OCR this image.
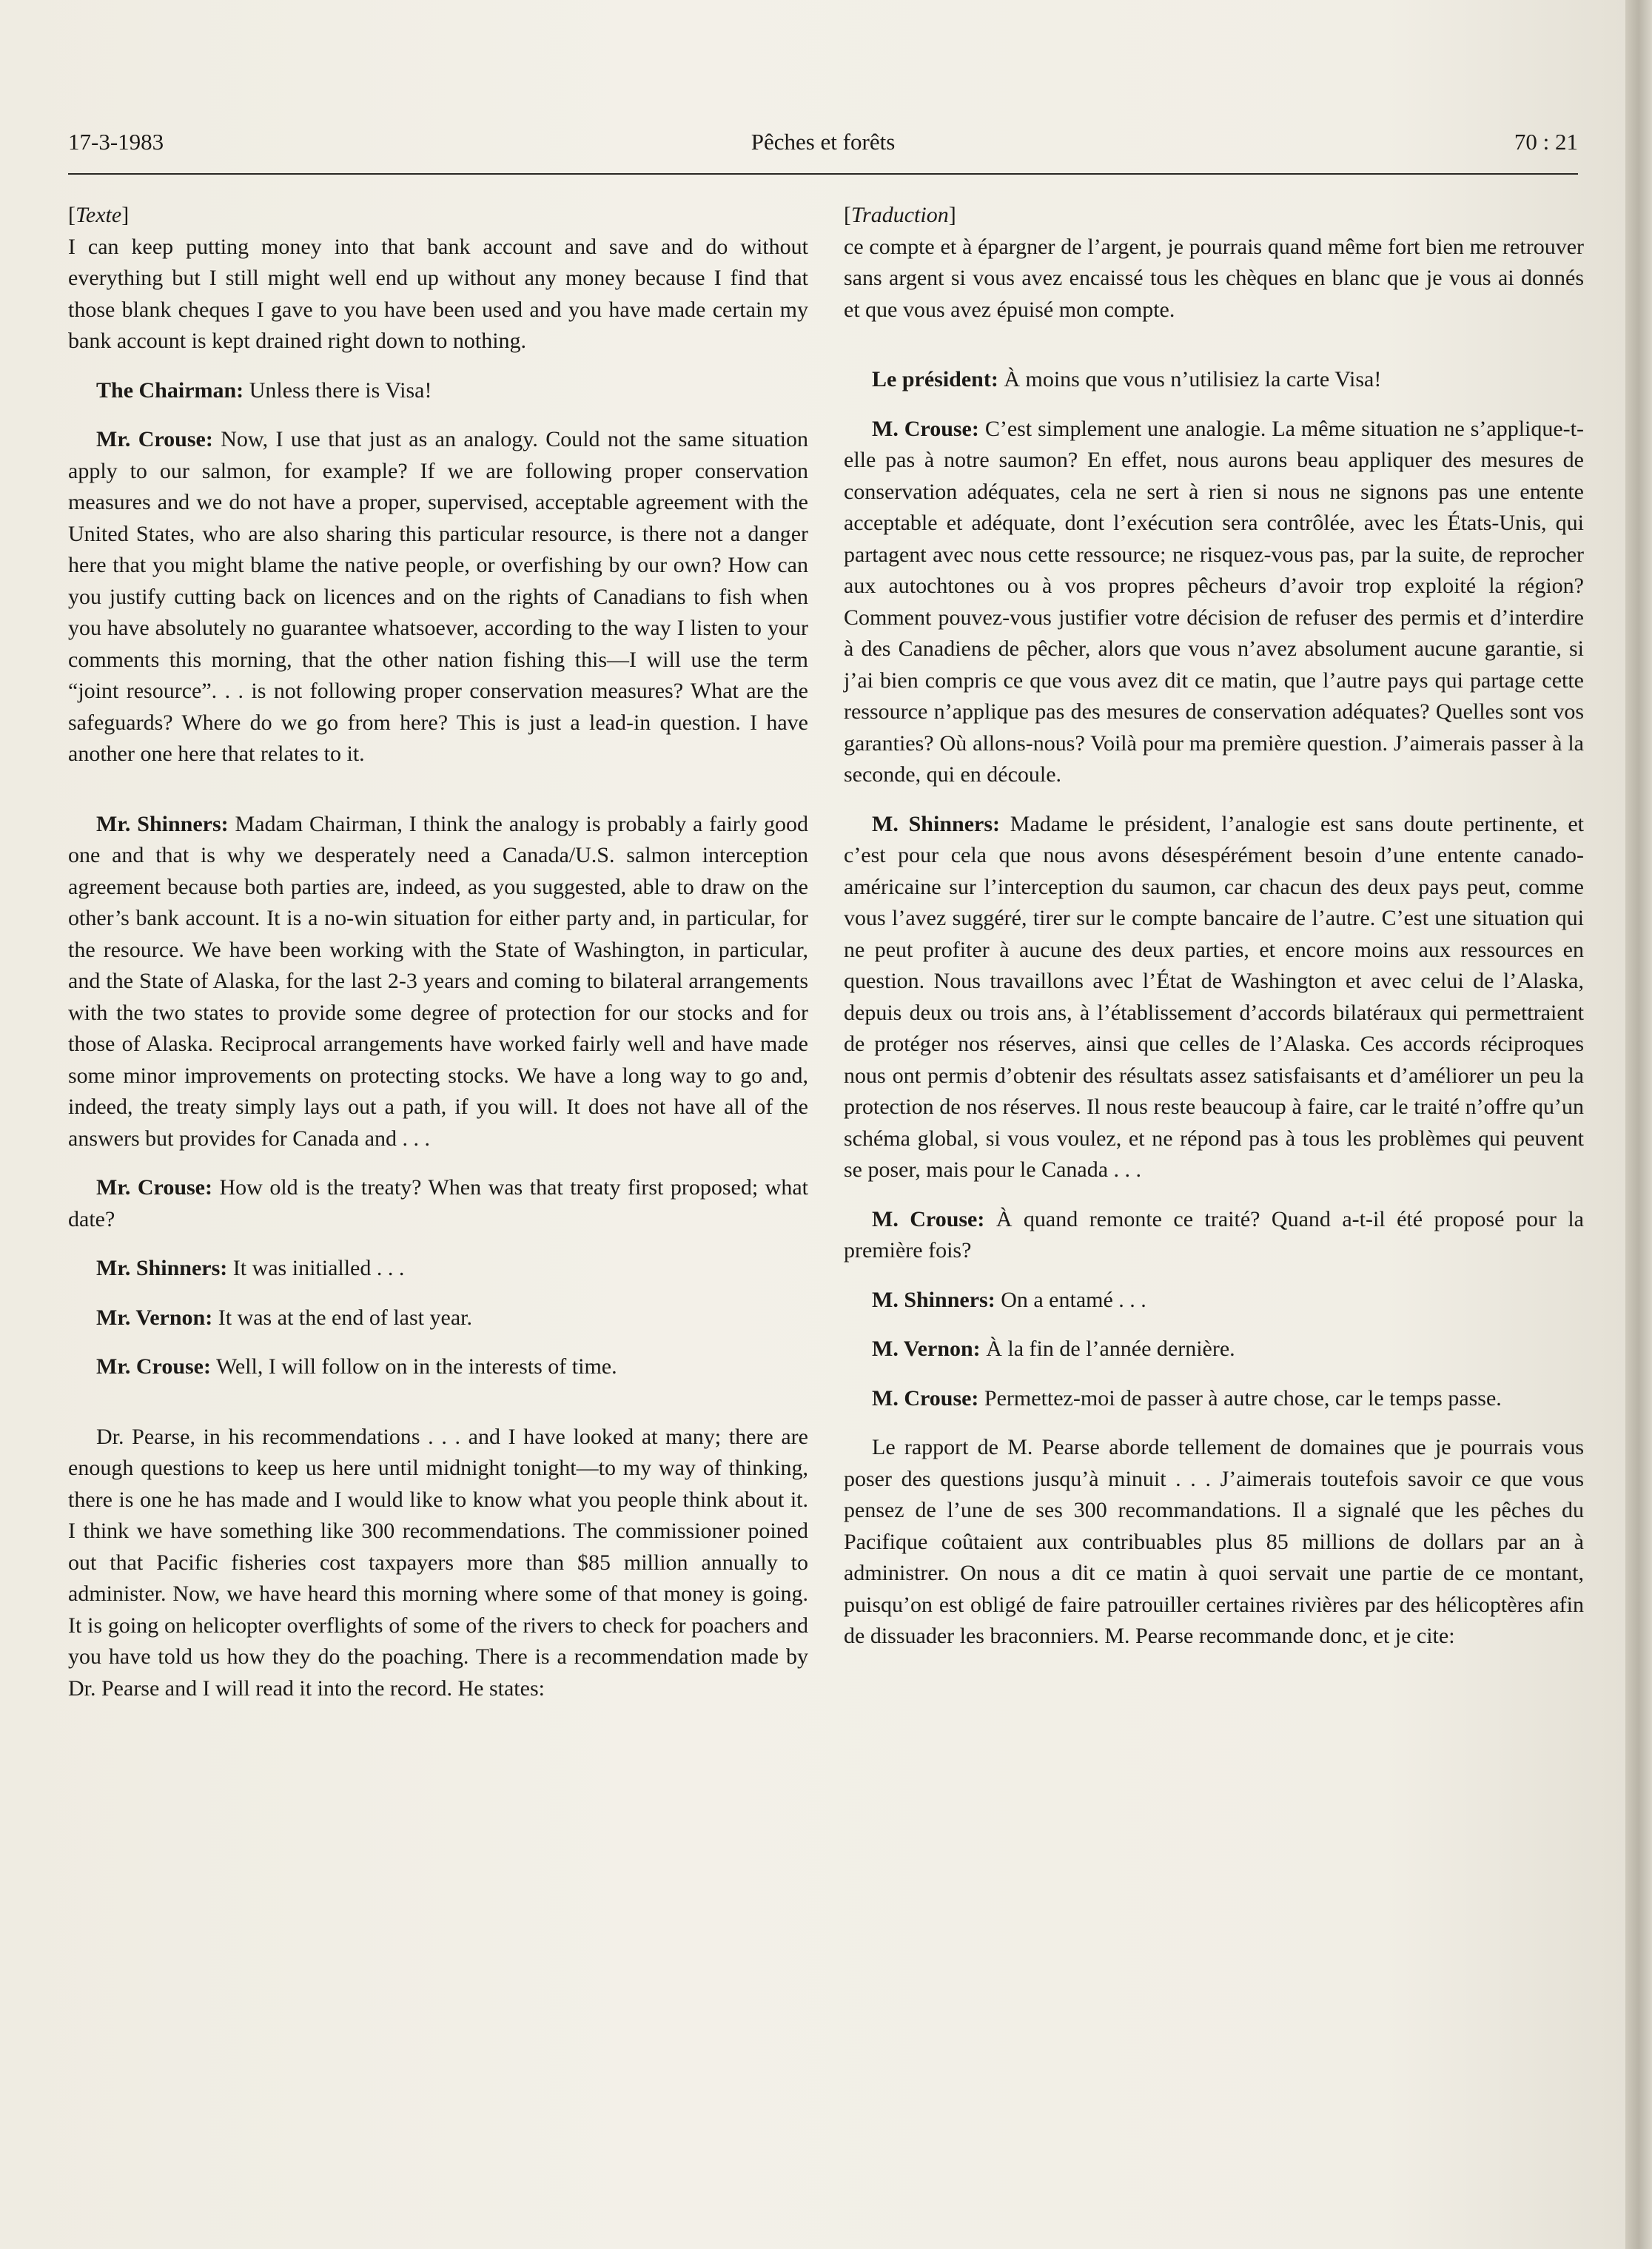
17-3-1983	Pêches et forêts	70 : 21

[Texte]

I can keep putting money into that bank account and save and do without everything but I still might well end up without any money because I find that those blank cheques I gave to you have been used and you have made certain my bank account is kept drained right down to nothing.

The Chairman: Unless there is Visa!

Mr. Crouse: Now, I use that just as an analogy. Could not the same situation apply to our salmon, for example? If we are following proper conservation measures and we do not have a proper, supervised, acceptable agreement with the United States, who are also sharing this particular resource, is there not a danger here that you might blame the native people, or overfishing by our own? How can you justify cutting back on licences and on the rights of Canadians to fish when you have absolutely no guarantee whatsoever, according to the way I listen to your comments this morning, that the other nation fishing this—I will use the term “joint resource”. . . is not following proper conservation measures? What are the safeguards? Where do we go from here? This is just a lead-in question. I have another one here that relates to it.

Mr. Shinners: Madam Chairman, I think the analogy is probably a fairly good one and that is why we desperately need a Canada/U.S. salmon interception agreement because both parties are, indeed, as you suggested, able to draw on the other’s bank account. It is a no-win situation for either party and, in particular, for the resource. We have been working with the State of Washington, in particular, and the State of Alaska, for the last 2-3 years and coming to bilateral arrangements with the two states to provide some degree of protection for our stocks and for those of Alaska. Reciprocal arrangements have worked fairly well and have made some minor improvements on protecting stocks. We have a long way to go and, indeed, the treaty simply lays out a path, if you will. It does not have all of the answers but provides for Canada and . . .

Mr. Crouse: How old is the treaty? When was that treaty first proposed; what date?

Mr. Shinners: It was initialled . . .

Mr. Vernon: It was at the end of last year.

Mr. Crouse: Well, I will follow on in the interests of time.

Dr. Pearse, in his recommendations . . . and I have looked at many; there are enough questions to keep us here until midnight tonight—to my way of thinking, there is one he has made and I would like to know what you people think about it. I think we have something like 300 recommendations. The commissioner poined out that Pacific fisheries cost taxpayers more than $85 million annually to administer. Now, we have heard this morning where some of that money is going. It is going on helicopter overflights of some of the rivers to check for poachers and you have told us how they do the poaching. There is a recommendation made by Dr. Pearse and I will read it into the record. He states:

[Traduction]

ce compte et à épargner de l’argent, je pourrais quand même fort bien me retrouver sans argent si vous avez encaissé tous les chèques en blanc que je vous ai donnés et que vous avez épuisé mon compte.

Le président: À moins que vous n’utilisiez la carte Visa!

M. Crouse: C’est simplement une analogie. La même situation ne s’applique-t-elle pas à notre saumon? En effet, nous aurons beau appliquer des mesures de conservation adéquates, cela ne sert à rien si nous ne signons pas une entente acceptable et adéquate, dont l’exécution sera contrôlée, avec les États-Unis, qui partagent avec nous cette ressource; ne risquez-vous pas, par la suite, de reprocher aux autochtones ou à vos propres pêcheurs d’avoir trop exploité la région? Comment pouvez-vous justifier votre décision de refuser des permis et d’interdire à des Canadiens de pêcher, alors que vous n’avez absolument aucune garantie, si j’ai bien compris ce que vous avez dit ce matin, que l’autre pays qui partage cette ressource n’applique pas des mesures de conservation adéquates? Quelles sont vos garanties? Où allons-nous? Voilà pour ma première question. J’aimerais passer à la seconde, qui en découle.

M. Shinners: Madame le président, l’analogie est sans doute pertinente, et c’est pour cela que nous avons désespérément besoin d’une entente canado-américaine sur l’interception du saumon, car chacun des deux pays peut, comme vous l’avez suggéré, tirer sur le compte bancaire de l’autre. C’est une situation qui ne peut profiter à aucune des deux parties, et encore moins aux ressources en question. Nous travaillons avec l’État de Washington et avec celui de l’Alaska, depuis deux ou trois ans, à l’établissement d’accords bilatéraux qui permettraient de protéger nos réserves, ainsi que celles de l’Alaska. Ces accords réciproques nous ont permis d’obtenir des résultats assez satisfaisants et d’améliorer un peu la protection de nos réserves. Il nous reste beaucoup à faire, car le traité n’offre qu’un schéma global, si vous voulez, et ne répond pas à tous les problèmes qui peuvent se poser, mais pour le Canada . . .

M. Crouse: À quand remonte ce traité? Quand a-t-il été proposé pour la première fois?

M. Shinners: On a entamé . . .

M. Vernon: À la fin de l’année dernière.

M. Crouse: Permettez-moi de passer à autre chose, car le temps passe.

Le rapport de M. Pearse aborde tellement de domaines que je pourrais vous poser des questions jusqu’à minuit . . . J’aimerais toutefois savoir ce que vous pensez de l’une de ses 300 recommandations. Il a signalé que les pêches du Pacifique coûtaient aux contribuables plus 85 millions de dollars par an à administrer. On nous a dit ce matin à quoi servait une partie de ce montant, puisqu’on est obligé de faire patrouiller certaines rivières par des hélicoptères afin de dissuader les braconniers. M. Pearse recommande donc, et je cite:
